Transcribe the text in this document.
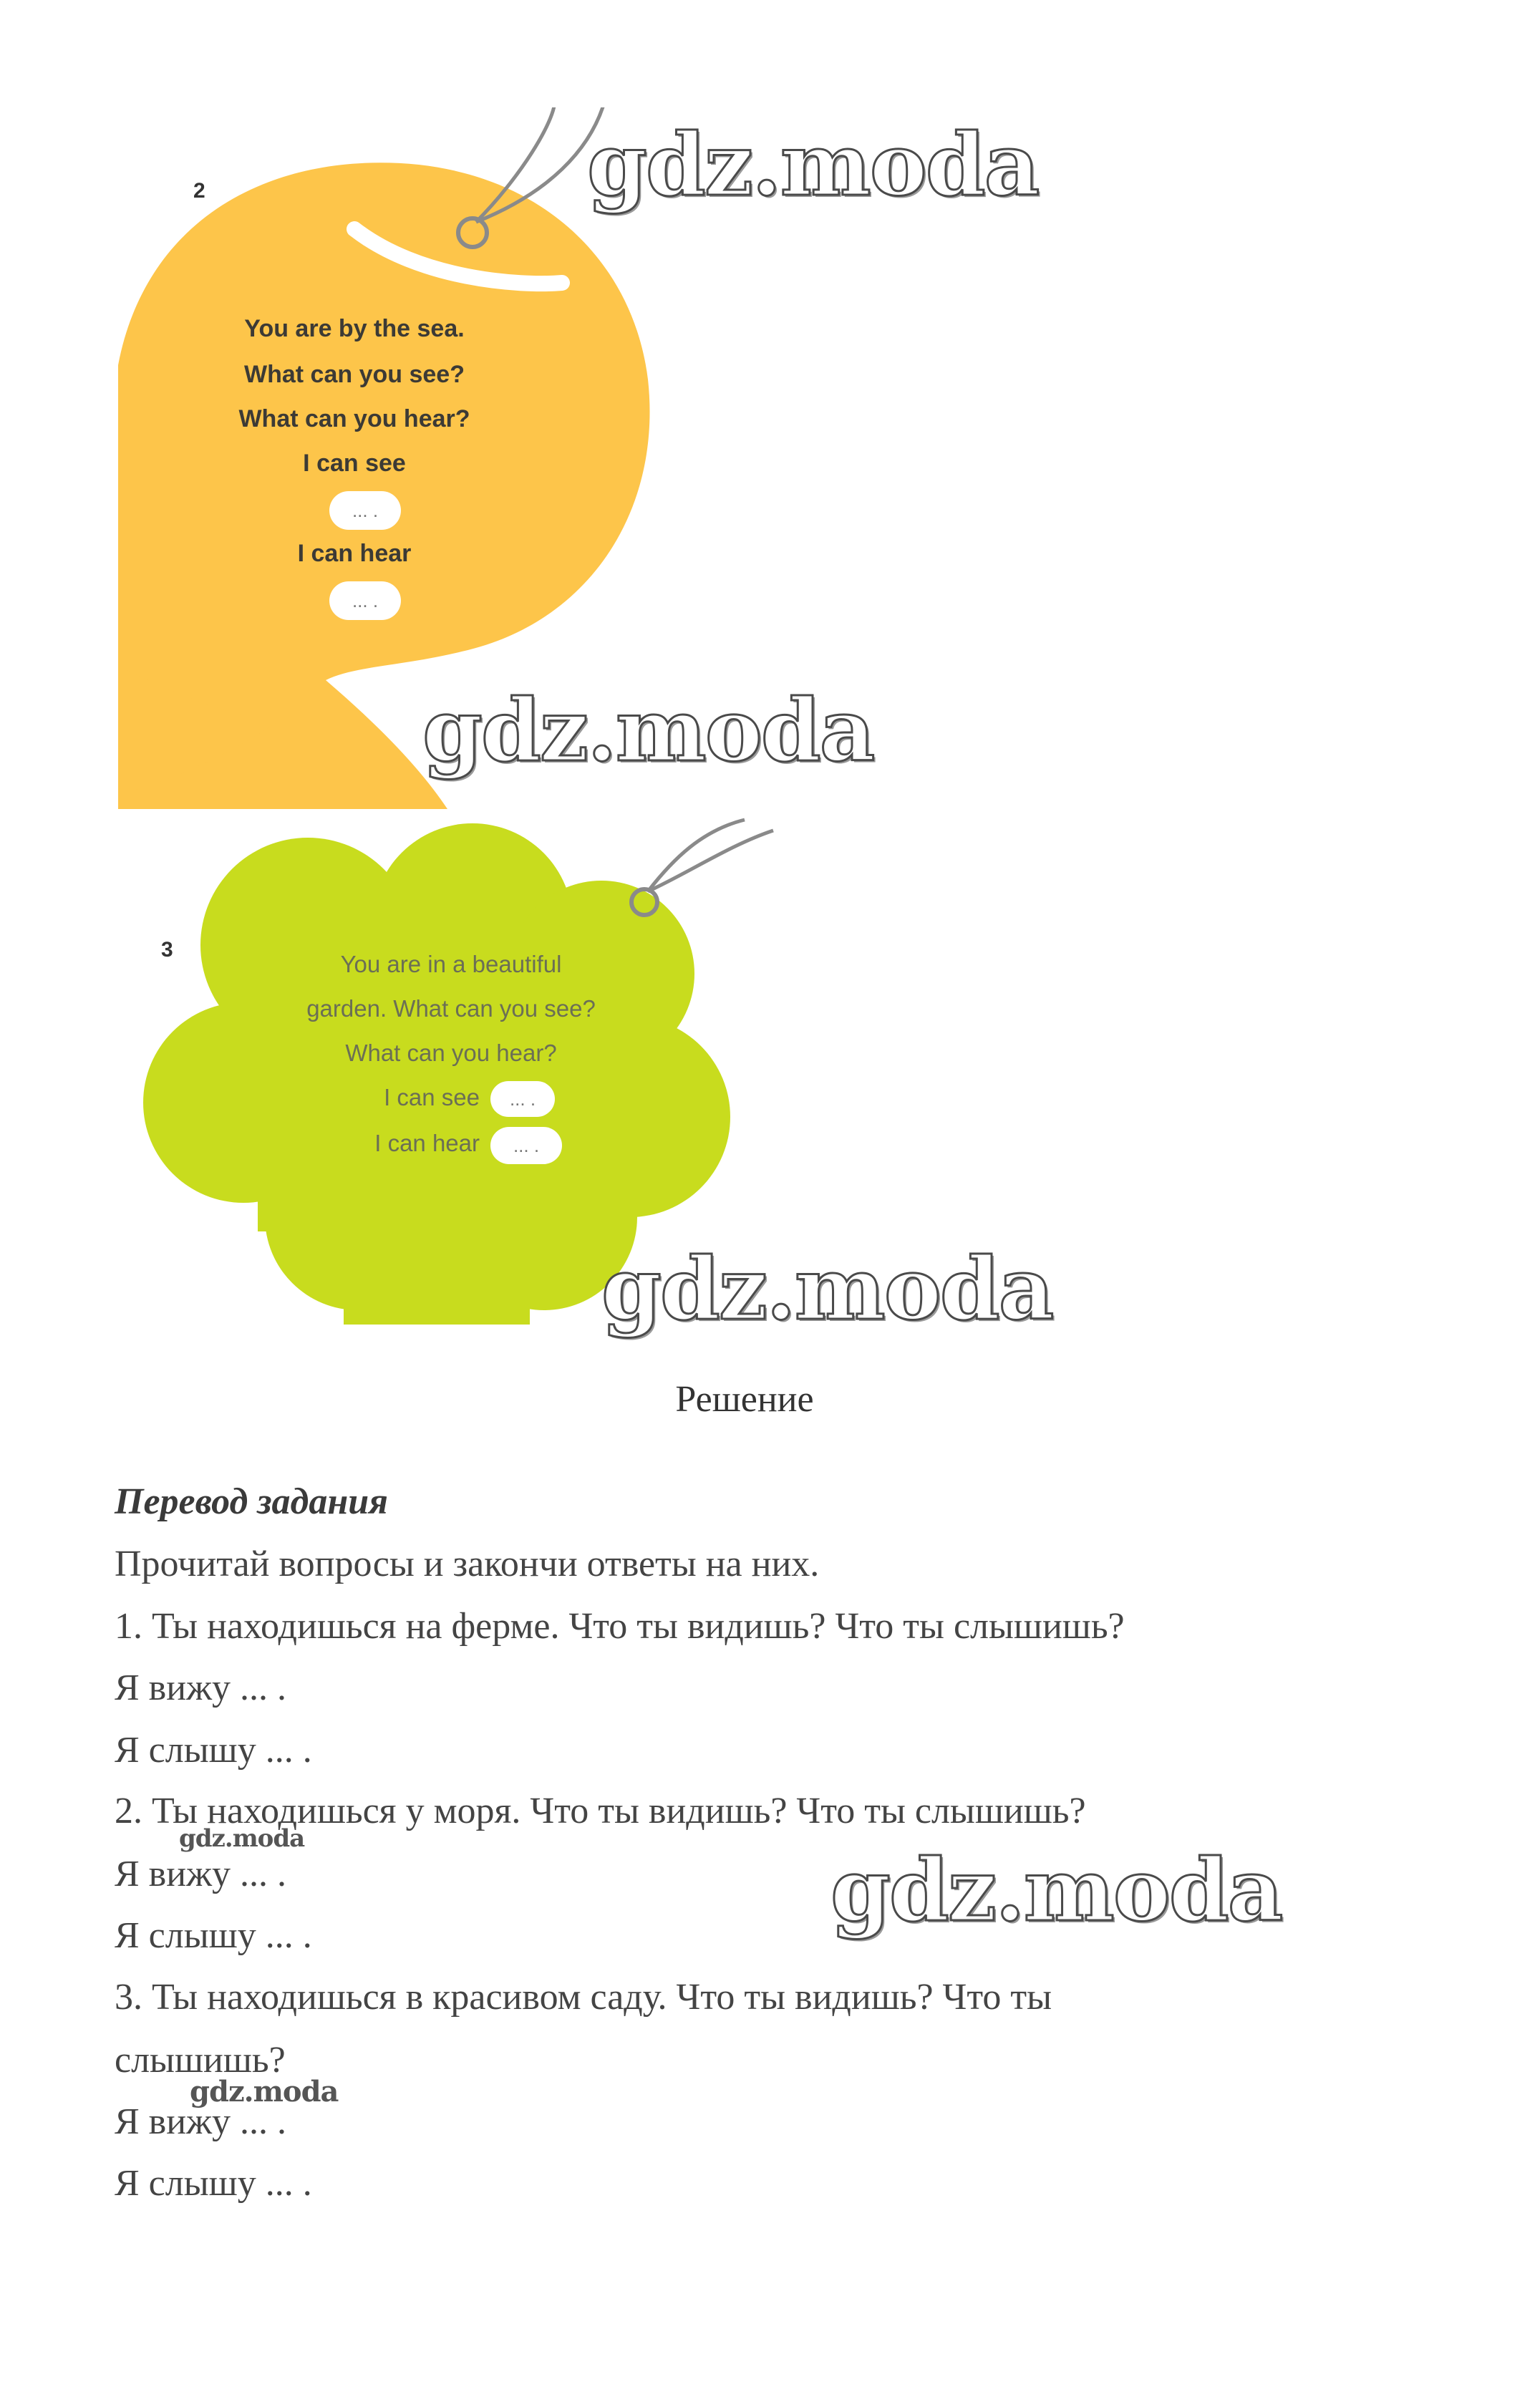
2
You are by the sea.
What can you see?
What can you hear?
I can see
... .
I can hear
... .
3
You are in a beautiful
garden. What can you see?
What can you hear?
I can see	... .
I can hear	... .
gdz.moda
gdz.moda
gdz.moda
gdz.moda
gdz.moda
gdz.moda
Решение
Перевод задания
Прочитай вопросы и закончи ответы на них.
1. Ты находишься на ферме. Что ты видишь? Что ты слышишь?
Я вижу ... .
Я слышу ... .
2. Ты находишься у моря. Что ты видишь? Что ты слышишь?
Я вижу ... .
Я слышу ... .
3. Ты находишься в красивом саду. Что ты видишь? Что ты
слышишь?
Я вижу ... .
Я слышу ... .
